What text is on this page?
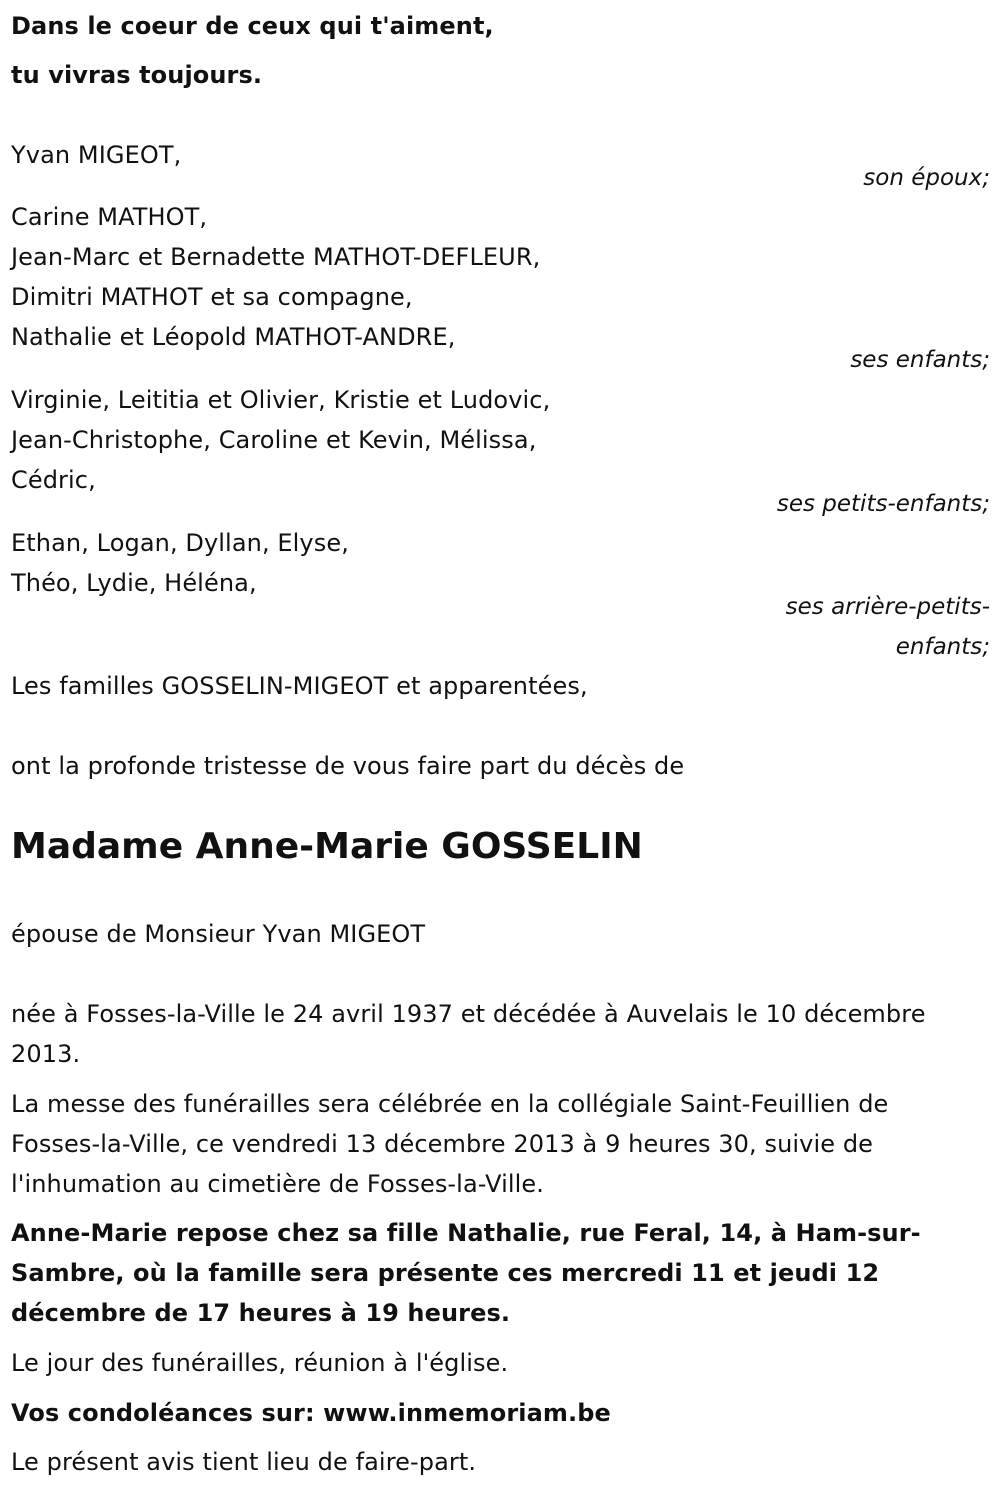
Dans le coeur de ceux qui t'aiment,
tu vivras toujours.
Yvan MIGEOT,
son époux;
Carine MATHOT,
Jean-Marc et Bernadette MATHOT-DEFLEUR,
Dimitri MATHOT et sa compagne,
Nathalie et Léopold MATHOT-ANDRE,
ses enfants;
Virginie, Leititia et Olivier, Kristie et Ludovic,
Jean-Christophe, Caroline et Kevin, Mélissa,
Cédric,
ses petits-enfants;
Ethan, Logan, Dyllan, Elyse,
Théo, Lydie, Héléna,
ses arrière-petits-
enfants;
Les familles GOSSELIN-MIGEOT et apparentées,
ont la profonde tristesse de vous faire part du décès de
Madame Anne-Marie GOSSELIN
épouse de Monsieur Yvan MIGEOT
née à Fosses-la-Ville le 24 avril 1937 et décédée à Auvelais le 10 décembre
2013.
La messe des funérailles sera célébrée en la collégiale Saint-Feuillien de
Fosses-la-Ville, ce vendredi 13 décembre 2013 à 9 heures 30, suivie de
l'inhumation au cimetière de Fosses-la-Ville.
Anne-Marie repose chez sa fille Nathalie, rue Feral, 14, à Ham-sur-
Sambre, où la famille sera présente ces mercredi 11 et jeudi 12
décembre de 17 heures à 19 heures.
Le jour des funérailles, réunion à l'église.
Vos condoléances sur: www.inmemoriam.be
Le présent avis tient lieu de faire-part.
